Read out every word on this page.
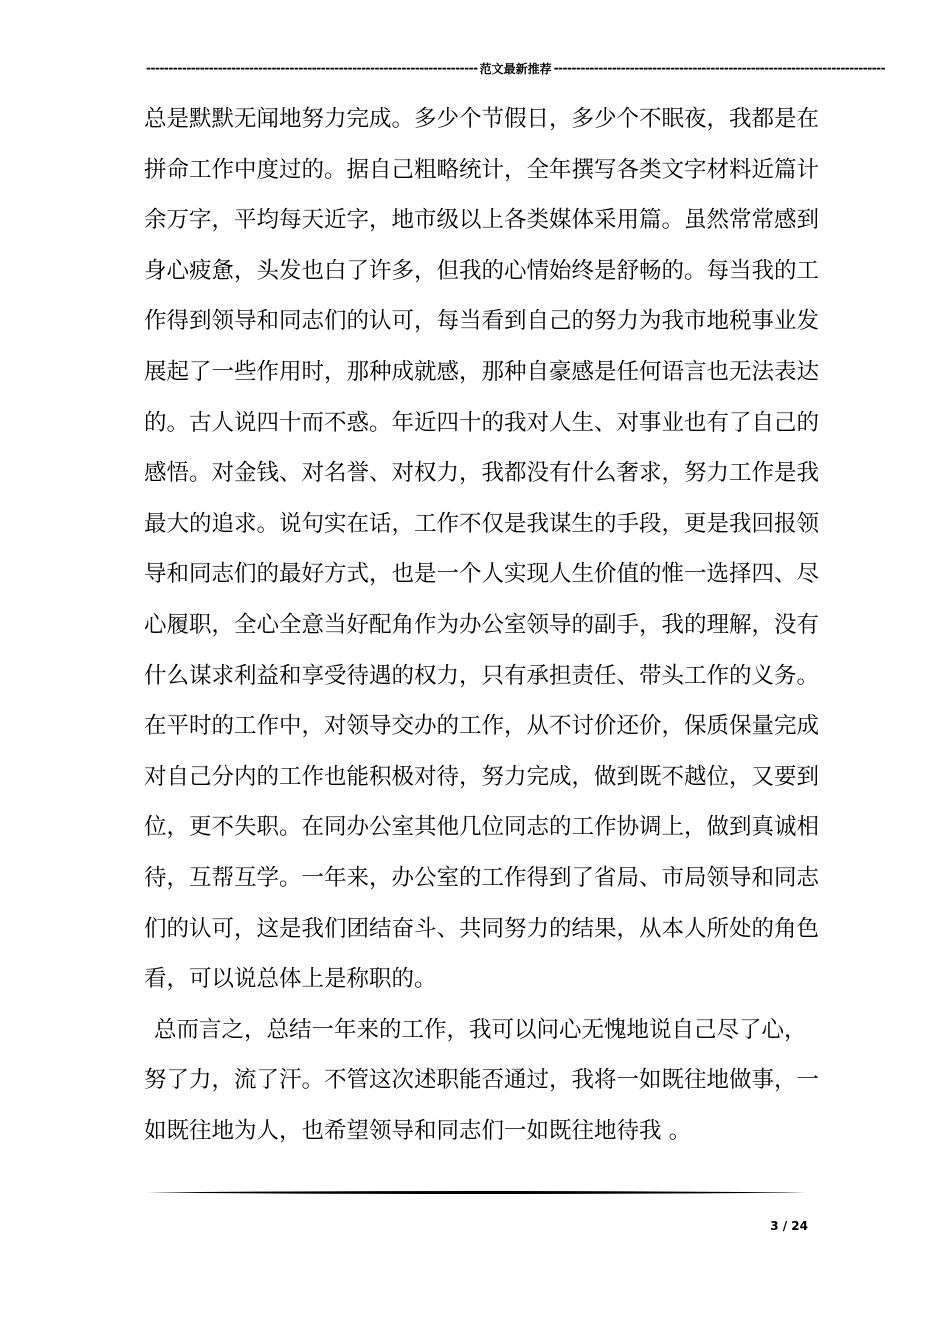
-------------------------------------------------------------------------- 范文最新推荐 --------------------------------------------------------------------------
总是默默无闻地努力完成。多少个节假日，多少个不眠夜，我都是在
拼命工作中度过的。据自己粗略统计，全年撰写各类文字材料近篇计
余万字，平均每天近字，地市级以上各类媒体采用篇。虽然常常感到
身心疲惫，头发也白了许多，但我的心情始终是舒畅的。每当我的工
作得到领导和同志们的认可，每当看到自己的努力为我市地税事业发
展起了一些作用时，那种成就感，那种自豪感是任何语言也无法表达
的。古人说四十而不惑。年近四十的我对人生、对事业也有了自己的
感悟。对金钱、对名誉、对权力，我都没有什么奢求，努力工作是我
最大的追求。说句实在话，工作不仅是我谋生的手段，更是我回报领
导和同志们的最好方式，也是一个人实现人生价值的惟一选择四、尽
心履职，全心全意当好配角作为办公室领导的副手，我的理解，没有
什么谋求利益和享受待遇的权力，只有承担责任、带头工作的义务。
在平时的工作中，对领导交办的工作，从不讨价还价，保质保量完成
对自己分内的工作也能积极对待，努力完成，做到既不越位，又要到
位，更不失职。在同办公室其他几位同志的工作协调上，做到真诚相
待，互帮互学。一年来，办公室的工作得到了省局、市局领导和同志
们的认可，这是我们团结奋斗、共同努力的结果，从本人所处的角色
看，可以说总体上是称职的。
总而言之，总结一年来的工作，我可以问心无愧地说自己尽了心，
努了力，流了汗。不管这次述职能否通过，我将一如既往地做事，一
如既往地为人，也希望领导和同志们一如既往地待我 。
3 / 24
